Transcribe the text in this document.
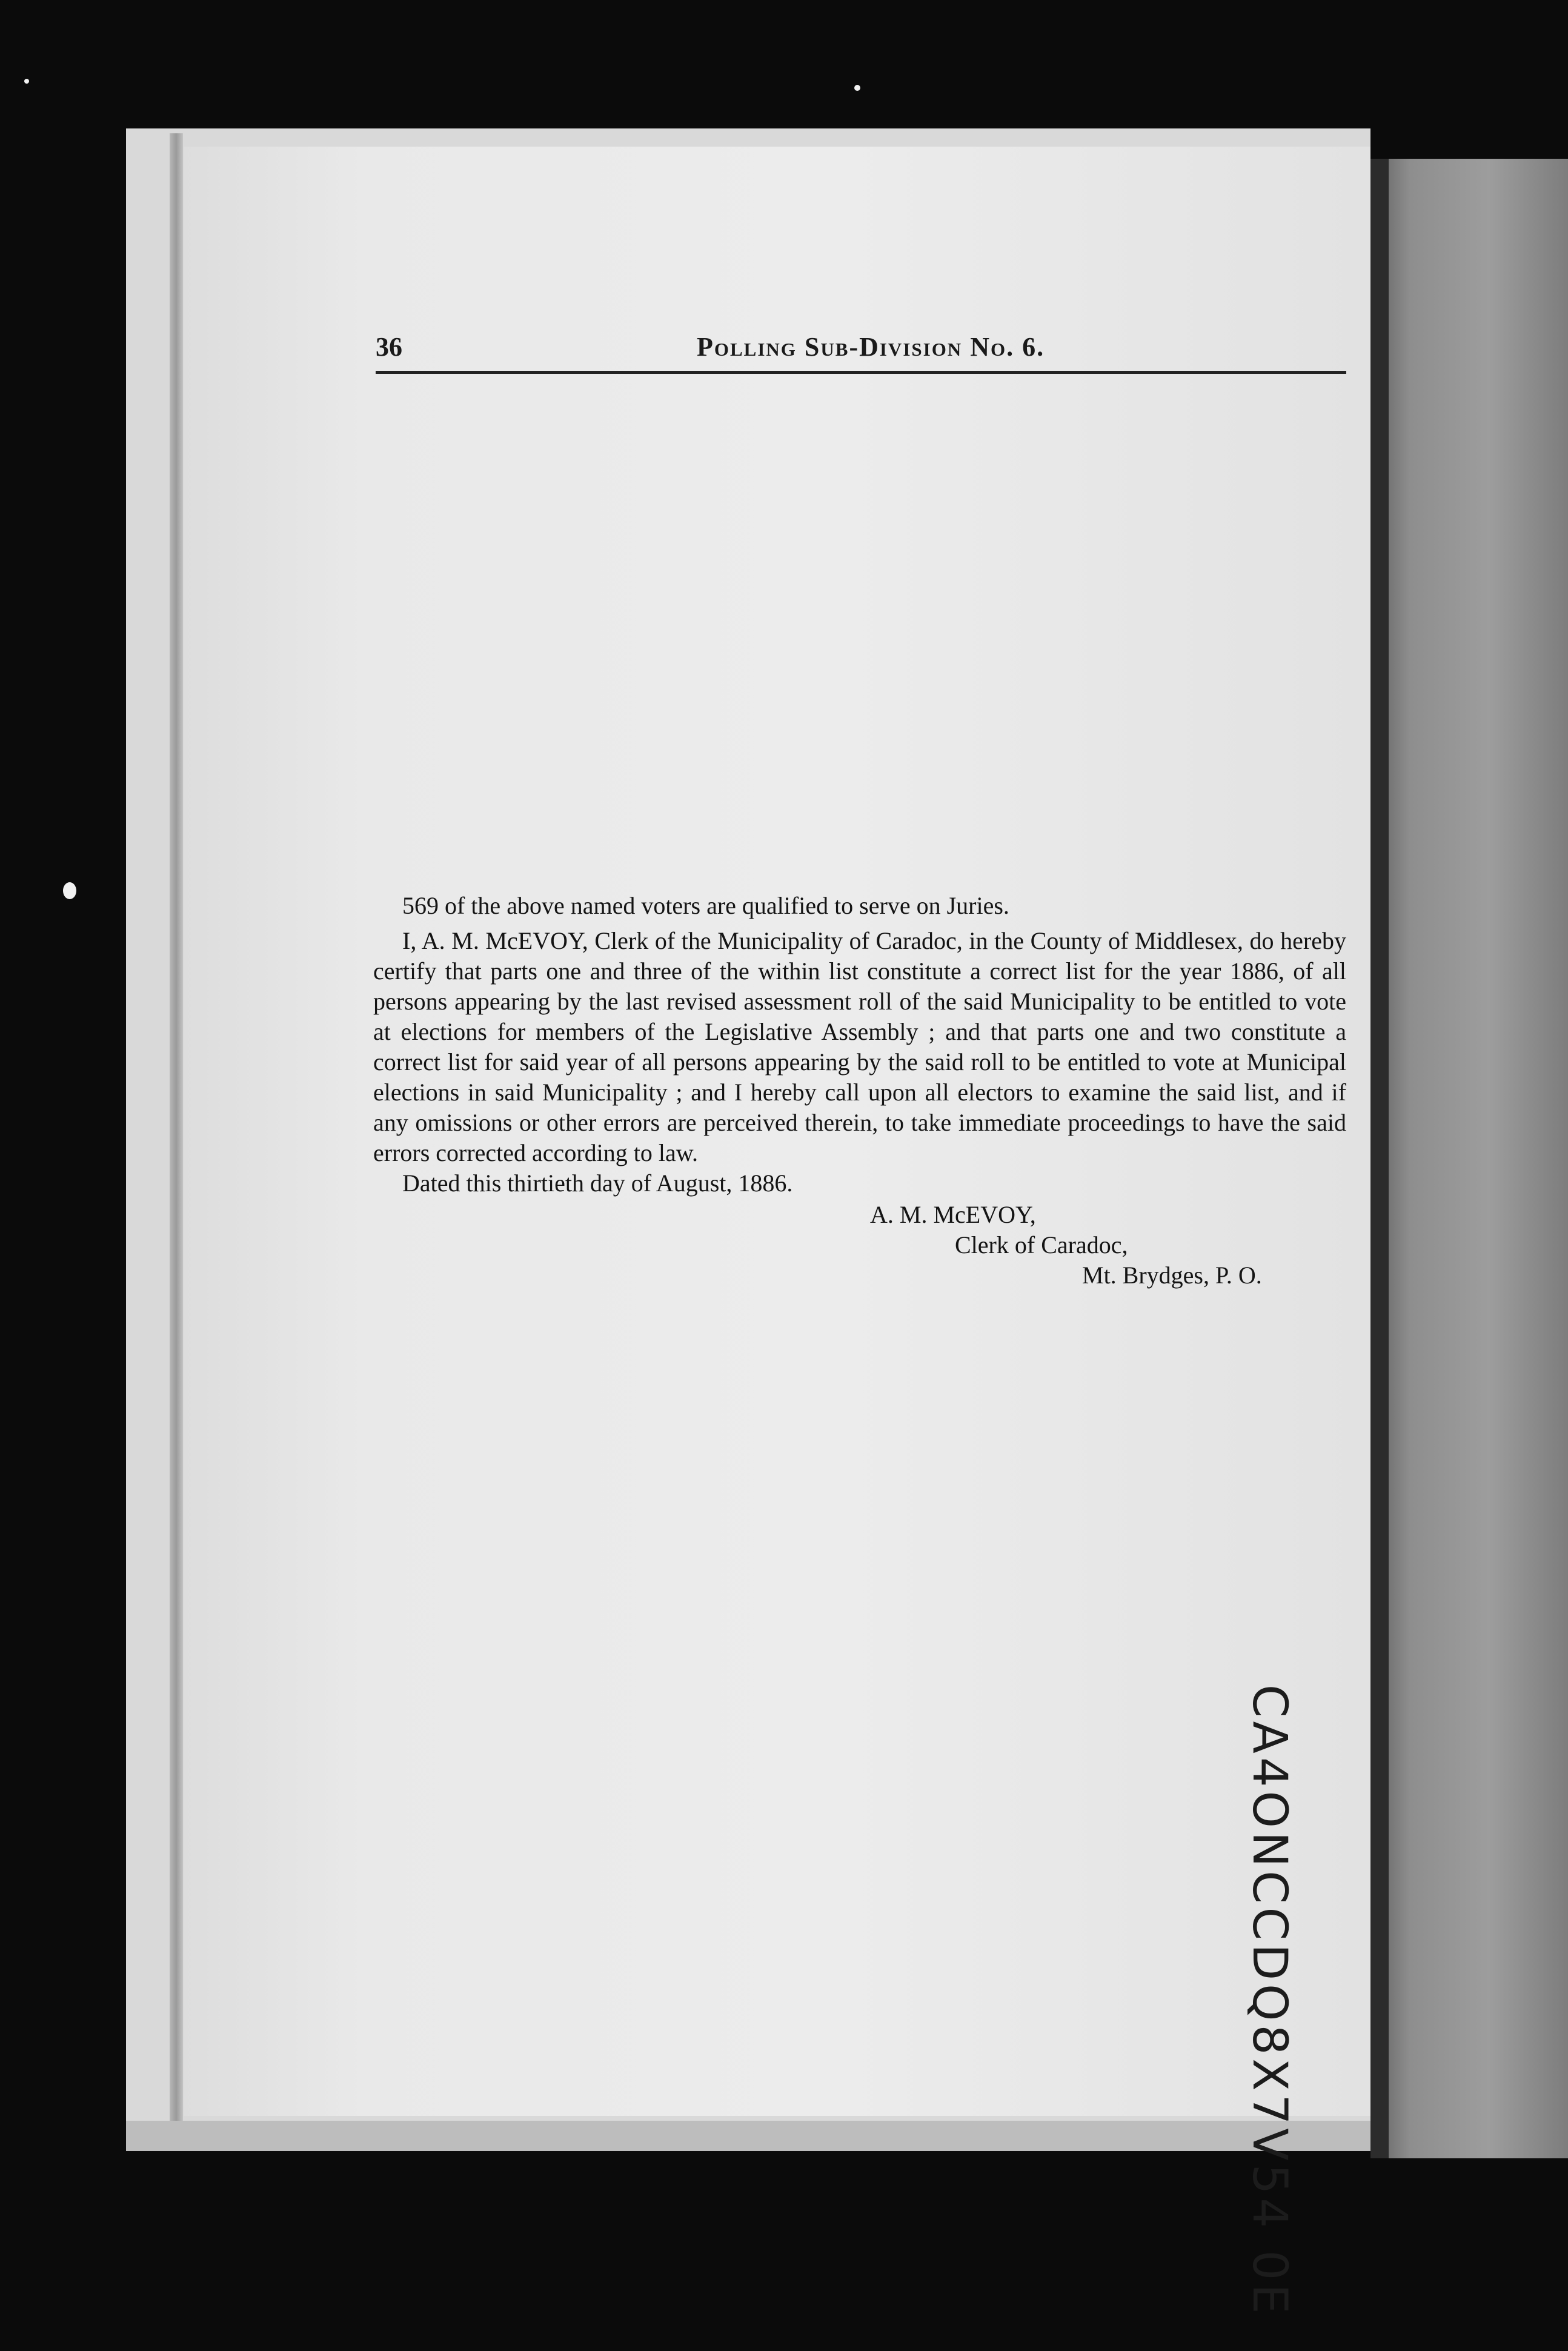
36	Polling Sub-Division No. 6.

569 of the above named voters are qualified to serve on Juries.

I, A. M. McEVOY, Clerk of the Municipality of Caradoc, in the County of Middlesex, do hereby certify that parts one and three of the within list constitute a correct list for the year 1886, of all persons appearing by the last revised assessment roll of the said Municipality to be entitled to vote at elections for members of the Legislative Assembly ; and that parts one and two constitute a correct list for said year of all persons appearing by the said roll to be entitled to vote at Municipal elections in said Municipality ; and I hereby call upon all electors to examine the said list, and if any omissions or other errors are perceived therein, to take immediate proceedings to have the said errors corrected according to law.

Dated this thirtieth day of August, 1886.

A. M. McEVOY,

Clerk of Caradoc,

Mt. Brydges, P. O.

CA4ONCCDQ8X7V54 0E
